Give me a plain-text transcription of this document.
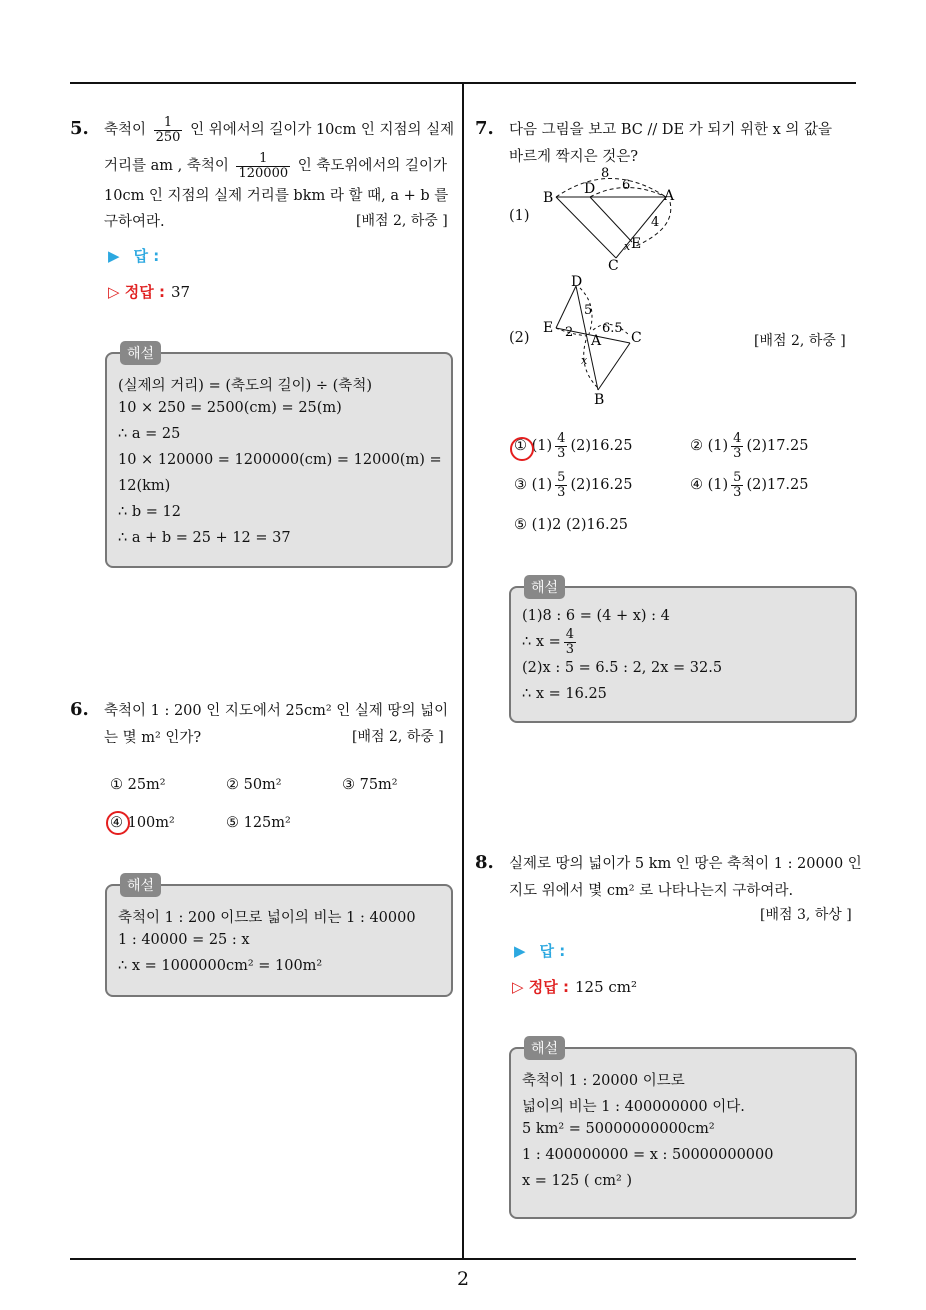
5. 축척이 $\frac{1}{250}$ 인 위에서의 길이가 10cm 인 지점의 실제
거리를 am , 축척이 $\frac{1}{120000}$ 인 축도위에서의 길이가
10cm 인 지점의 실제 거리를 bkm 라 할 때, a + b 를
구하여라.	[배점 2, 하중 ]
▶ 답 :
▷ 정답 : 37
(실제의 거리) = (축도의 길이) ÷ (축척)
10 × 250 = 2500(cm) = 25(m)
∴ a = 25
10 × 120000 = 1200000(cm) = 12000(m) =
12(km)
∴ b = 12
∴ a + b = 25 + 12 = 37
해설
6. 축척이 1 : 200 인 지도에서 25cm² 인 실제 땅의 넓이
는 몇 m² 인가?	[배점 2, 하중 ]
① 25m²	② 50m²	③ 75m²
④ 100m²	⑤ 125m²
축척이 1 : 200 이므로 넓이의 비는 1 : 40000
1 : 40000 = 25 : x
∴ x = 1000000cm² = 100m²
해설
7. 다음 그림을 보고 BC // DE 가 되기 위한 x 의 값을
바르게 짝지은 것은?
(1)
B
D	A
E
C
8
6
4
x
(2)
D
E
A C
B
5
2 6.5
x
[배점 2, 하중 ]
① $(1) \frac{4}{3} (2)16.25$	② $(1) \frac{4}{3} (2)17.25$
③ $(1) \frac{5}{3} (2)16.25$	④ $(1) \frac{5}{3} (2)17.25$
⑤ (1)2 (2)16.25
(1)8 : 6 = (4 + x) : 4
∴ $x = \frac{4}{3}$
(2)x : 5 = 6.5 : 2, 2x = 32.5
∴ x = 16.25
해설
8. 실제로 땅의 넓이가 5 km 인 땅은 축척이 1 : 20000 인
지도 위에서 몇 cm² 로 나타나는지 구하여라.
[배점 3, 하상 ]
▶ 답 :
▷ 정답 : 125 cm²
축척이 1 : 20000 이므로
넓이의 비는 1 : 400000000 이다.
5 km² = 50000000000cm²
1 : 400000000 = x : 50000000000
x = 125 ( cm² )
해설
2
